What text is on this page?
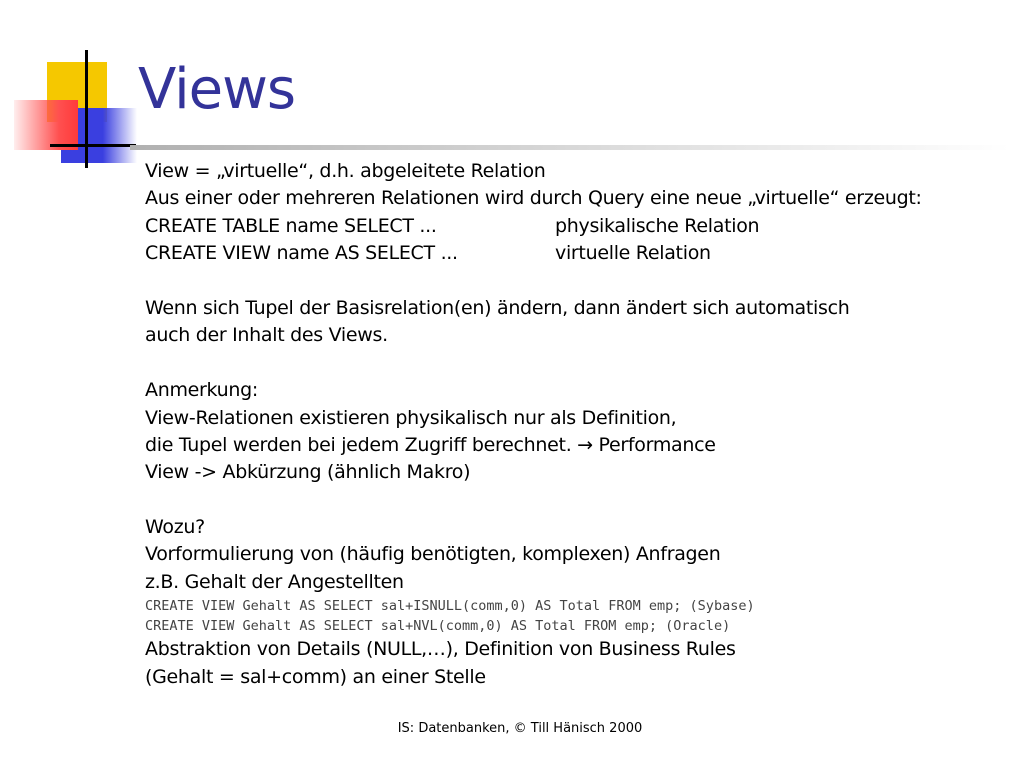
Views
View = „virtuelle“, d.h. abgeleitete Relation
Aus einer oder mehreren Relationen wird durch Query eine neue „virtuelle“ erzeugt:
CREATE TABLE name SELECT ...	physikalische Relation
CREATE VIEW name AS SELECT ...	virtuelle Relation
Wenn sich Tupel der Basisrelation(en) ändern, dann ändert sich automatisch
auch der Inhalt des Views.
Anmerkung:
View-Relationen existieren physikalisch nur als Definition,
die Tupel werden bei jedem Zugriff berechnet. → Performance
View -> Abkürzung (ähnlich Makro)
Wozu?
Vorformulierung von (häufig benötigten, komplexen) Anfragen
z.B. Gehalt der Angestellten
CREATE VIEW Gehalt AS SELECT sal+ISNULL(comm,0) AS Total FROM emp; (Sybase)
CREATE VIEW Gehalt AS SELECT sal+NVL(comm,0) AS Total FROM emp; (Oracle)
Abstraktion von Details (NULL,…), Definition von Business Rules
(Gehalt = sal+comm) an einer Stelle
IS: Datenbanken, © Till Hänisch 2000
